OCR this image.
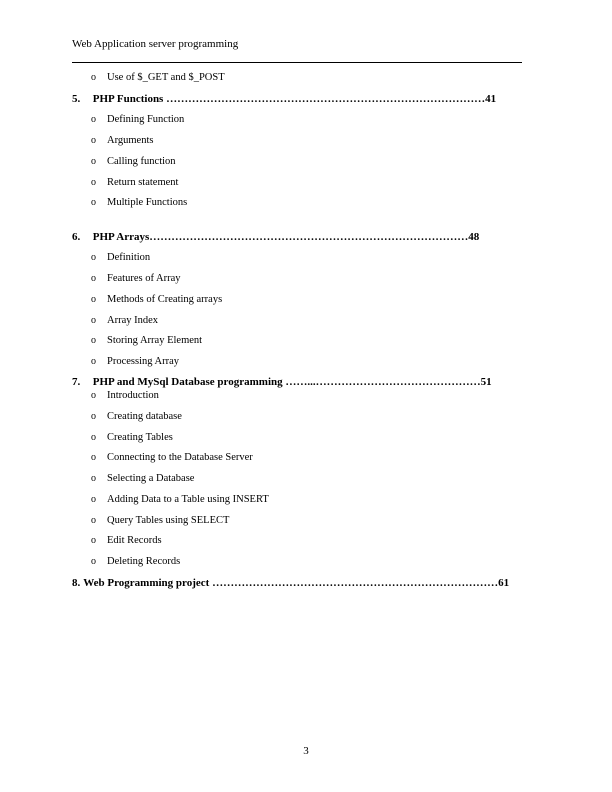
Web Application server programming
o Use of $_GET and $_POST
5. PHP Functions ……………………………………………………………………………41
o Defining Function
o Arguments
o Calling function
o Return statement
o Multiple Functions
6. PHP Arrays……………………………………………………………………………48
o Definition
o Features of Array
o Methods of Creating arrays
o Array Index
o Storing Array Element
o Processing Array
7. PHP and MySql Database programming ……...………………………………………51
o Introduction
o Creating database
o Creating Tables
o Connecting to the Database Server
o Selecting a Database
o Adding Data to a Table using INSERT
o Query Tables using SELECT
o Edit Records
o Deleting Records
8. Web Programming project ……………………………………………………………………61
3
